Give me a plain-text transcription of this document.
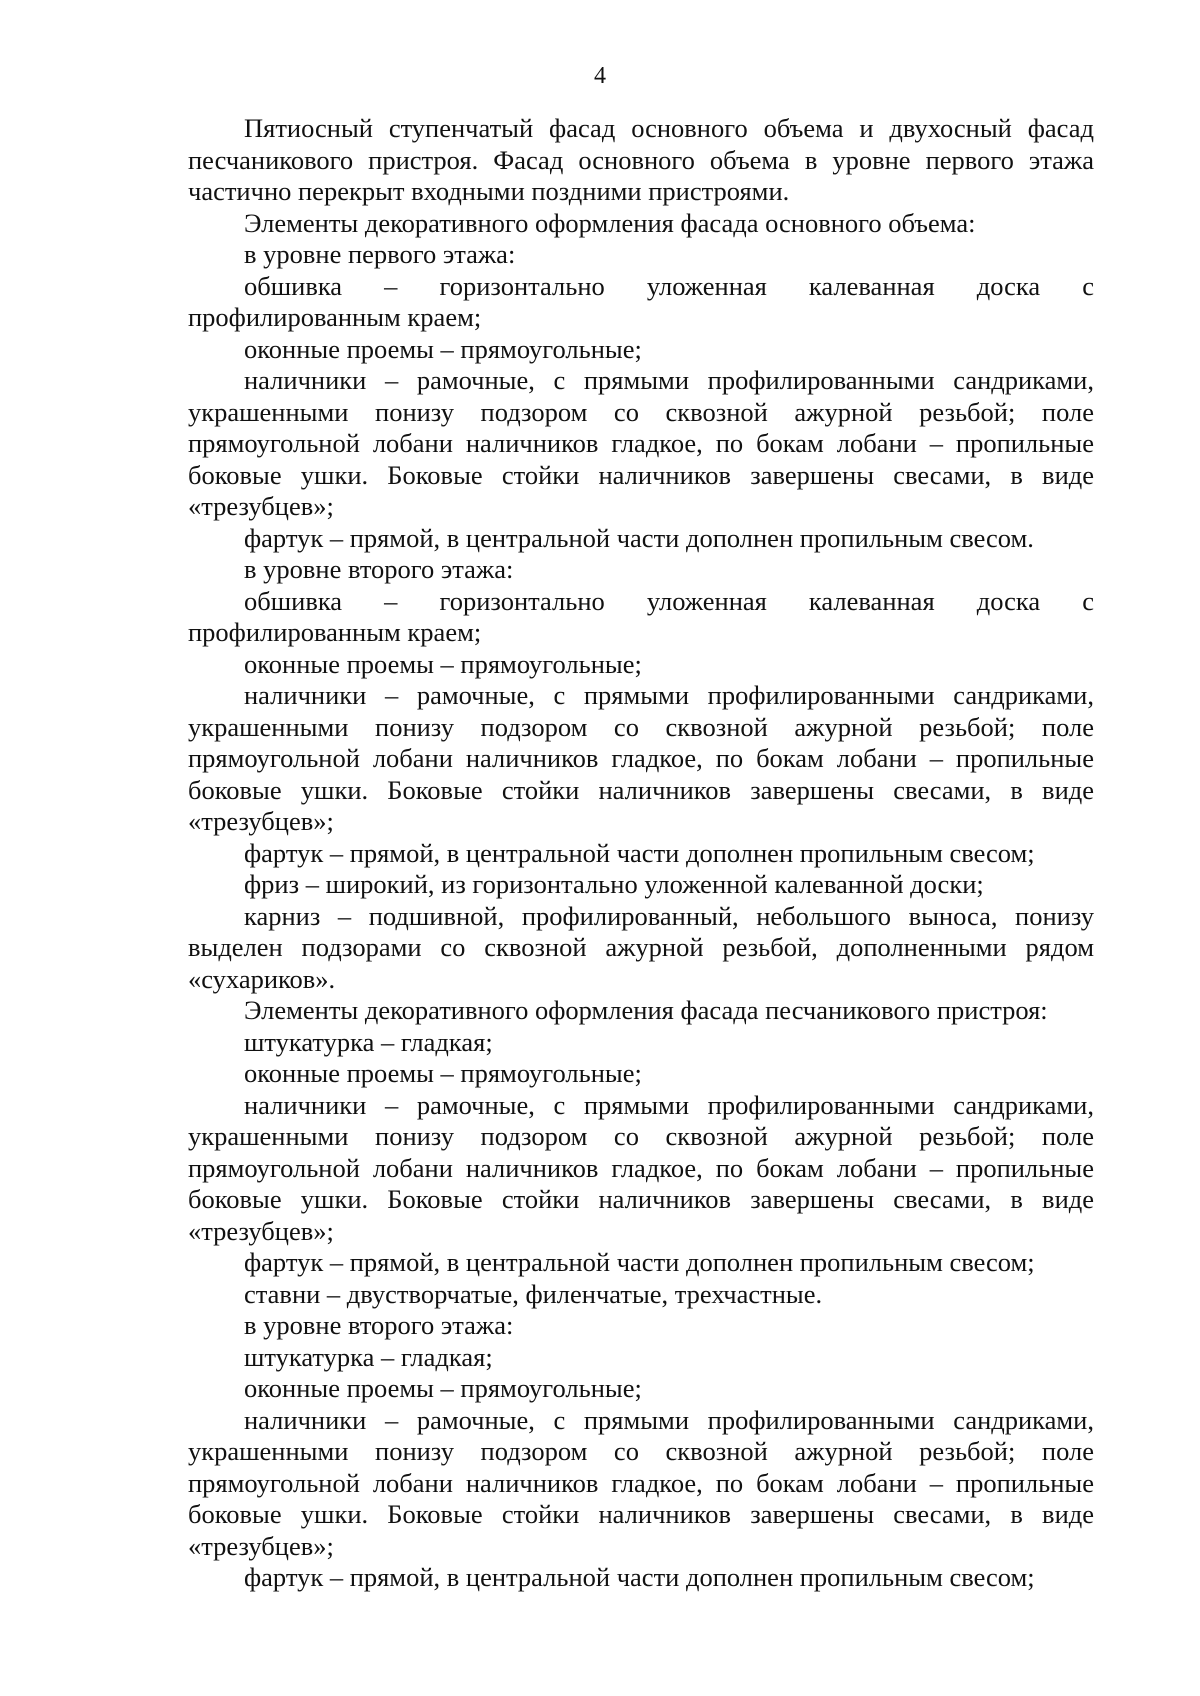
4

Пятиосный ступенчатый фасад основного объема и двухосный фасад песчаникового пристроя. Фасад основного объема в уровне первого этажа частично перекрыт входными поздними пристроями.

Элементы декоративного оформления фасада основного объема:

в уровне первого этажа:

обшивка – горизонтально уложенная калеванная доска с профилированным краем;

оконные проемы – прямоугольные;

наличники – рамочные, с прямыми профилированными сандриками, украшенными понизу подзором со сквозной ажурной резьбой; поле прямоугольной лобани наличников гладкое, по бокам лобани – пропильные боковые ушки. Боковые стойки наличников завершены свесами, в виде «трезубцев»;

фартук – прямой, в центральной части дополнен пропильным свесом.

в уровне второго этажа:

обшивка – горизонтально уложенная калеванная доска с профилированным краем;

оконные проемы – прямоугольные;

наличники – рамочные, с прямыми профилированными сандриками, украшенными понизу подзором со сквозной ажурной резьбой; поле прямоугольной лобани наличников гладкое, по бокам лобани – пропильные боковые ушки. Боковые стойки наличников завершены свесами, в виде «трезубцев»;

фартук – прямой, в центральной части дополнен пропильным свесом;

фриз – широкий, из горизонтально уложенной калеванной доски;

карниз – подшивной, профилированный, небольшого выноса, понизу выделен подзорами со сквозной ажурной резьбой, дополненными рядом «сухариков».

Элементы декоративного оформления фасада песчаникового пристроя:

штукатурка – гладкая;

оконные проемы – прямоугольные;

наличники – рамочные, с прямыми профилированными сандриками, украшенными понизу подзором со сквозной ажурной резьбой; поле прямоугольной лобани наличников гладкое, по бокам лобани – пропильные боковые ушки. Боковые стойки наличников завершены свесами, в виде «трезубцев»;

фартук – прямой, в центральной части дополнен пропильным свесом;

ставни – двустворчатые, филенчатые, трехчастные.

в уровне второго этажа:

штукатурка – гладкая;

оконные проемы – прямоугольные;

наличники – рамочные, с прямыми профилированными сандриками, украшенными понизу подзором со сквозной ажурной резьбой; поле прямоугольной лобани наличников гладкое, по бокам лобани – пропильные боковые ушки. Боковые стойки наличников завершены свесами, в виде «трезубцев»;

фартук – прямой, в центральной части дополнен пропильным свесом;
